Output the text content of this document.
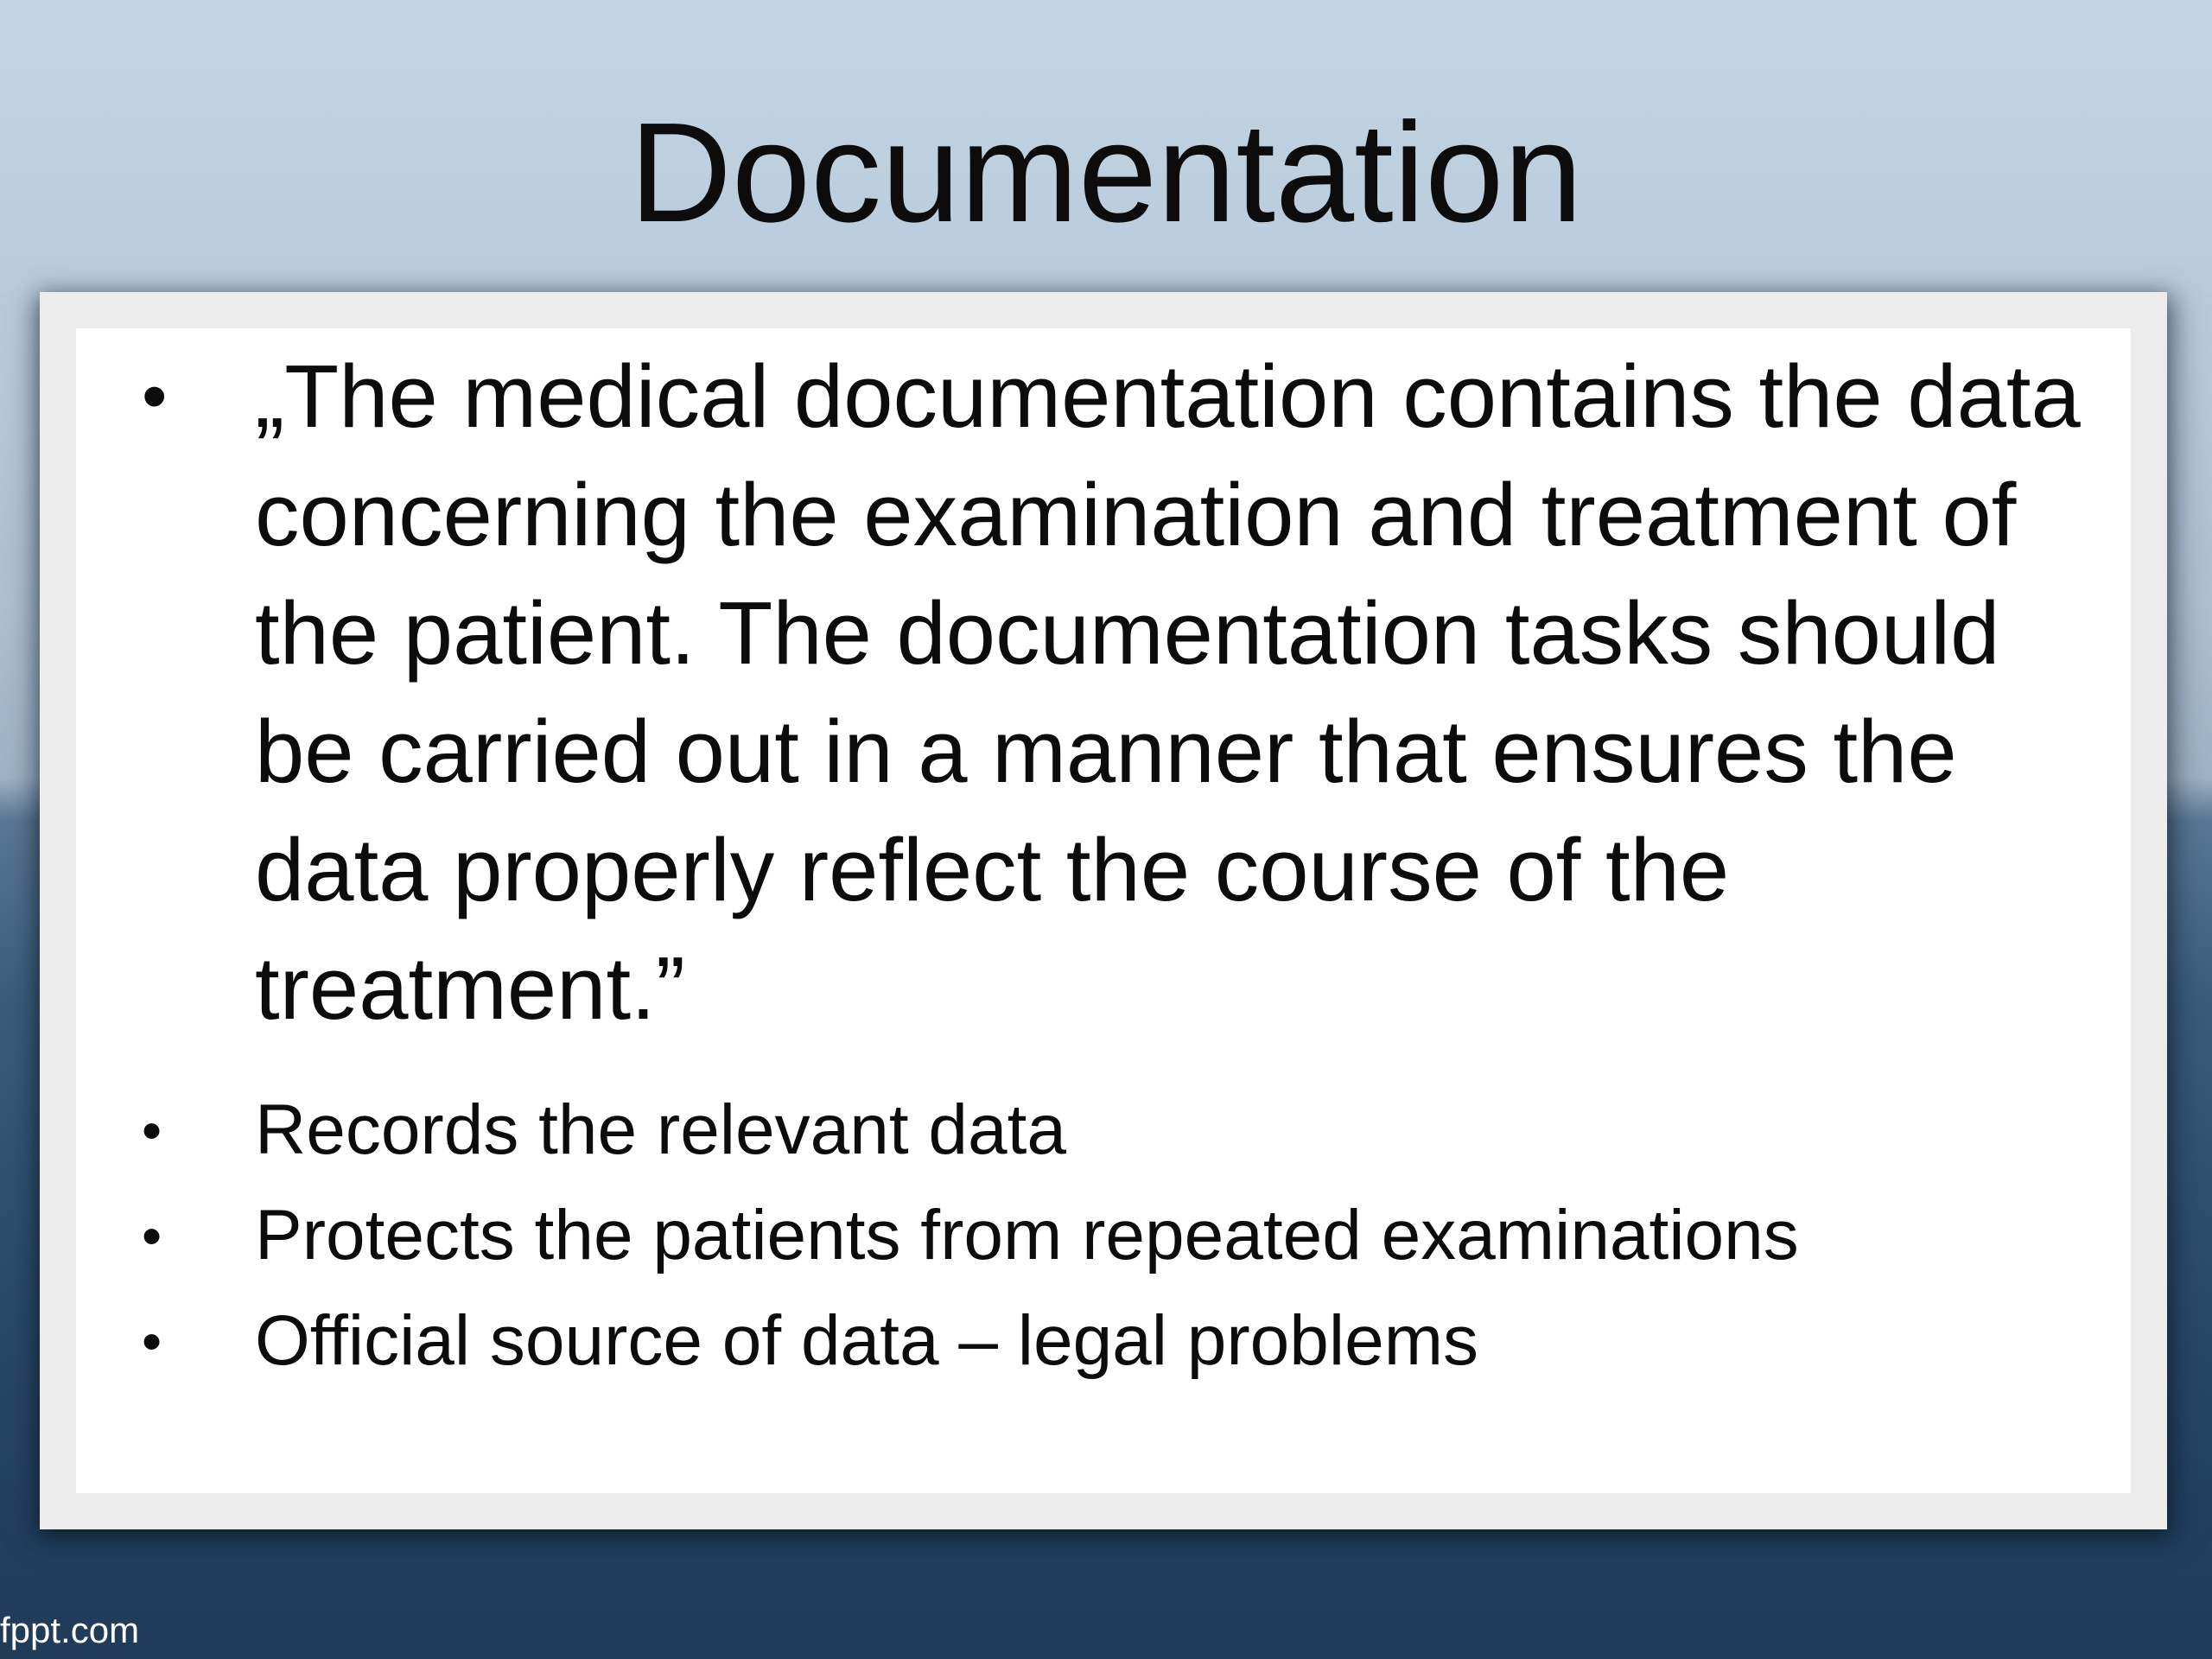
Documentation
• „The medical documentation contains the data concerning the examination and treatment of the patient. The documentation tasks should be carried out in a manner that ensures the data properly reflect the course of the treatment.”
• Records the relevant data
• Protects the patients from repeated examinations
• Official source of data – legal problems
fppt.com
